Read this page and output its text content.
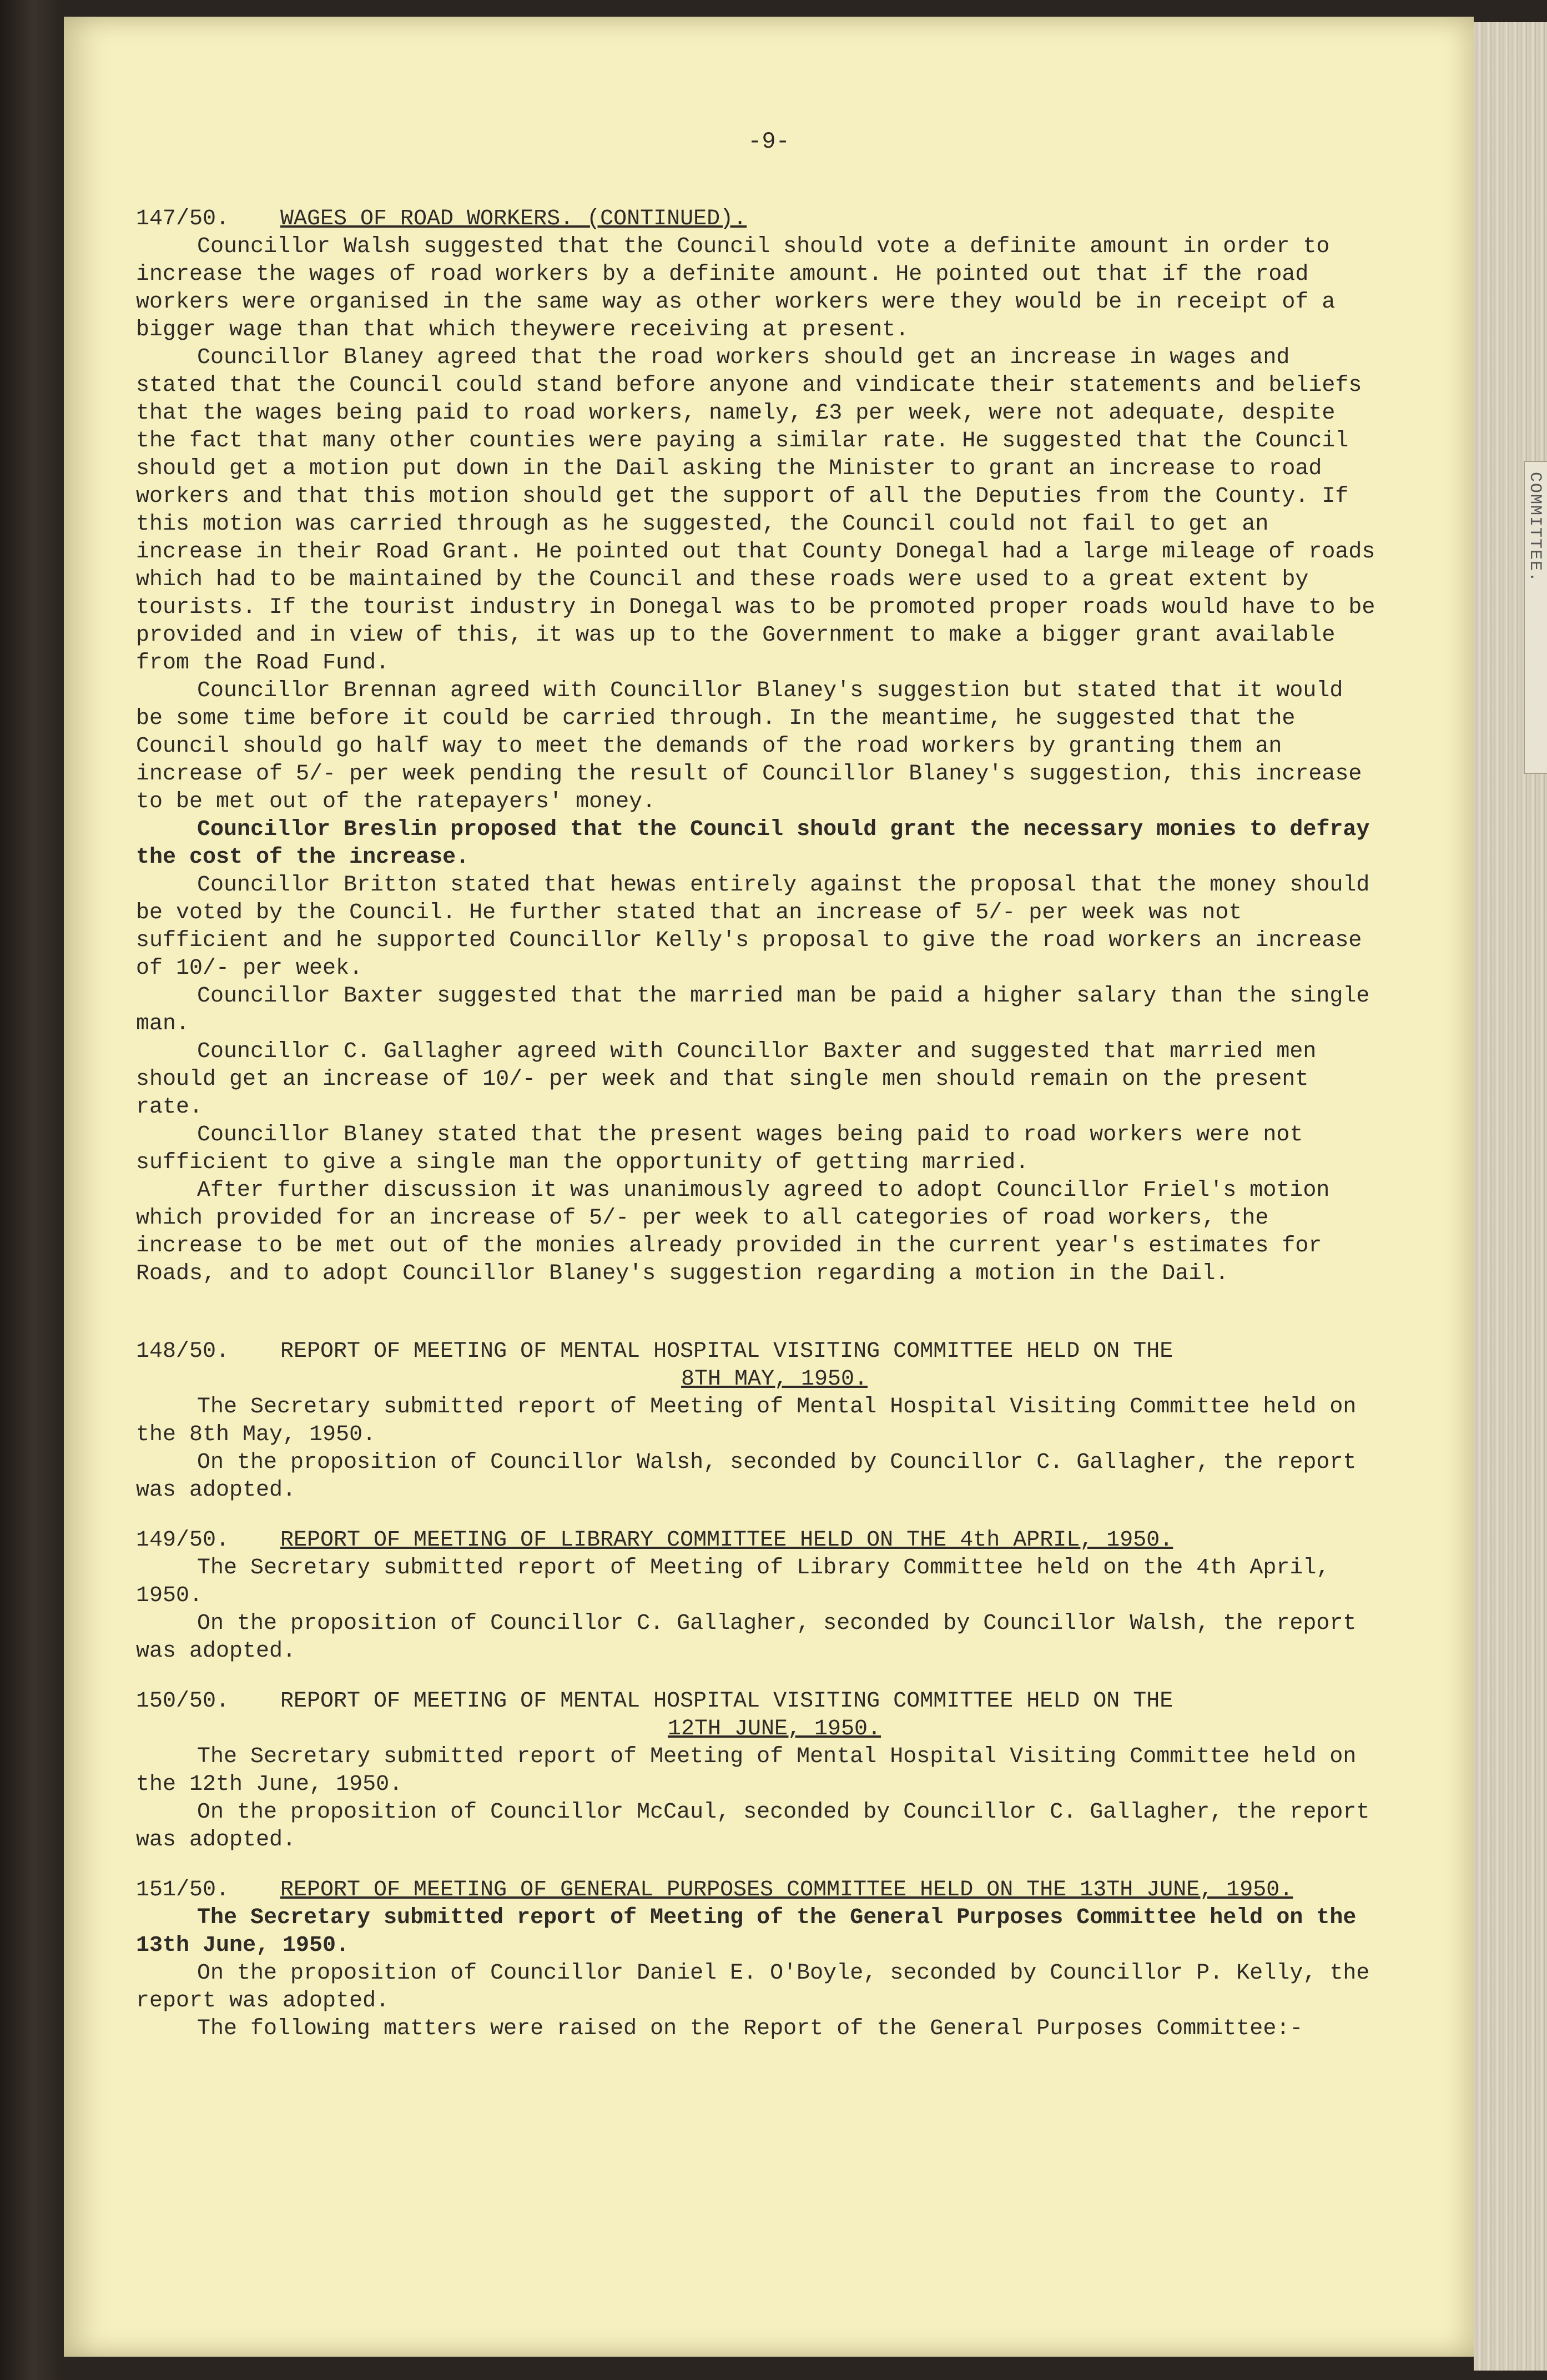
COMMITTEE.
-9-
147/50.	WAGES OF ROAD WORKERS. (CONTINUED).

Councillor Walsh suggested that the Council should vote a definite amount in order to increase the wages of road workers by a definite amount. He pointed out that if the road workers were organised in the same way as other workers were they would be in receipt of a bigger wage than that which theywere receiving at present.

Councillor Blaney agreed that the road workers should get an increase in wages and stated that the Council could stand before anyone and vindicate their statements and beliefs that the wages being paid to road workers, namely, £3 per week, were not adequate, despite the fact that many other counties were paying a similar rate. He suggested that the Council should get a motion put down in the Dail asking the Minister to grant an increase to road workers and that this motion should get the support of all the Deputies from the County. If this motion was carried through as he suggested, the Council could not fail to get an increase in their Road Grant. He pointed out that County Donegal had a large mileage of roads which had to be maintained by the Council and these roads were used to a great extent by tourists. If the tourist industry in Donegal was to be promoted proper roads would have to be provided and in view of this, it was up to the Government to make a bigger grant available from the Road Fund.

Councillor Brennan agreed with Councillor Blaney's suggestion but stated that it would be some time before it could be carried through. In the meantime, he suggested that the Council should go half way to meet the demands of the road workers by granting them an increase of 5/- per week pending the result of Councillor Blaney's suggestion, this increase to be met out of the ratepayers' money.

Councillor Breslin proposed that the Council should grant the necessary monies to defray the cost of the increase.

Councillor Britton stated that hewas entirely against the proposal that the money should be voted by the Council. He further stated that an increase of 5/- per week was not sufficient and he supported Councillor Kelly's proposal to give the road workers an increase of 10/- per week.

Councillor Baxter suggested that the married man be paid a higher salary than the single man.

Councillor C. Gallagher agreed with Councillor Baxter and suggested that married men should get an increase of 10/- per week and that single men should remain on the present rate.

Councillor Blaney stated that the present wages being paid to road workers were not sufficient to give a single man the opportunity of getting married.

After further discussion it was unanimously agreed to adopt Councillor Friel's motion which provided for an increase of 5/- per week to all categories of road workers, the increase to be met out of the monies already provided in the current year's estimates for Roads, and to adopt Councillor Blaney's suggestion regarding a motion in the Dail.

148/50.	REPORT OF MEETING OF MENTAL HOSPITAL VISITING COMMITTEE HELD ON THE
8TH MAY, 1950.

The Secretary submitted report of Meeting of Mental Hospital Visiting Committee held on the 8th May, 1950.

On the proposition of Councillor Walsh, seconded by Councillor C. Gallagher, the report was adopted.

149/50.	REPORT OF MEETING OF LIBRARY COMMITTEE HELD ON THE 4th APRIL, 1950.

The Secretary submitted report of Meeting of Library Committee held on the 4th April, 1950.

On the proposition of Councillor C. Gallagher, seconded by Councillor Walsh, the report was adopted.

150/50.	REPORT OF MEETING OF MENTAL HOSPITAL VISITING COMMITTEE HELD ON THE
12TH JUNE, 1950.

The Secretary submitted report of Meeting of Mental Hospital Visiting Committee held on the 12th June, 1950.

On the proposition of Councillor McCaul, seconded by Councillor C. Gallagher, the report was adopted.

151/50.	REPORT OF MEETING OF GENERAL PURPOSES COMMITTEE HELD ON THE 13TH JUNE, 1950.

The Secretary submitted report of Meeting of the General Purposes Committee held on the 13th June, 1950.

On the proposition of Councillor Daniel E. O'Boyle, seconded by Councillor P. Kelly, the report was adopted.

The following matters were raised on the Report of the General Purposes Committee:-
